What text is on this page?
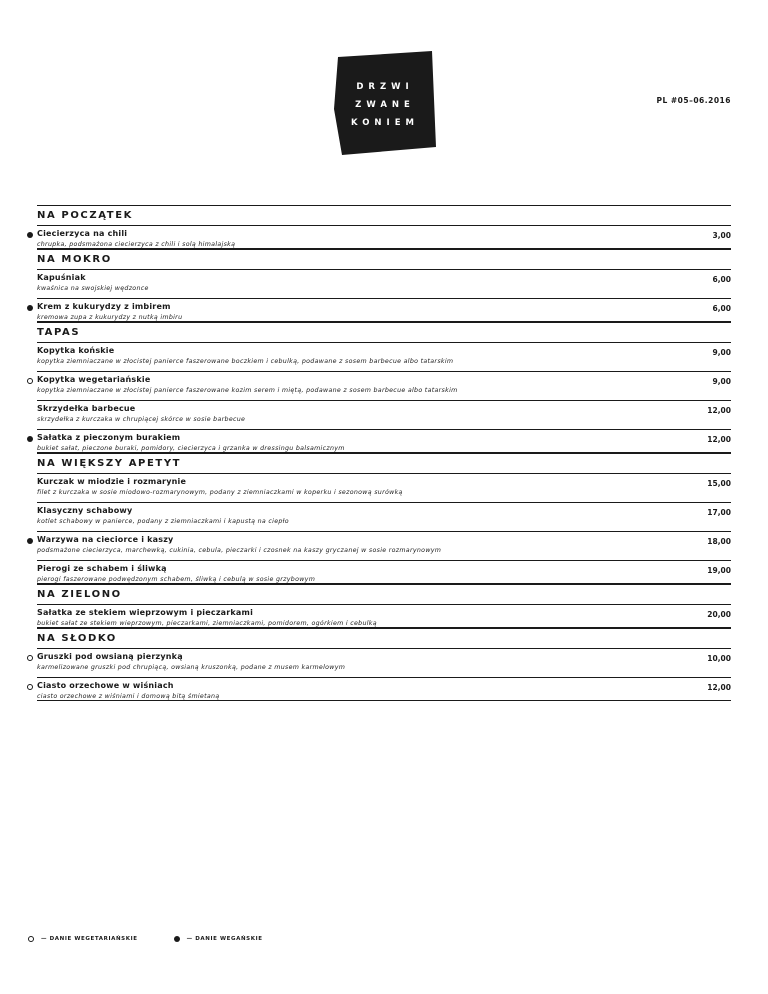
DRZWI
ZWANE
KONIEM
PL #05–06.2016
NA POCZĄTEK
Ciecierzyca na chili
chrupka, podsmażona ciecierzyca z chili i solą himalajską
3,00
NA MOKRO
Kapuśniak
kwaśnica na swojskiej wędzonce
6,00
Krem z kukurydzy z imbirem
kremowa zupa z kukurydzy z nutką imbiru
6,00
TAPAS
Kopytka końskie
kopytka ziemniaczane w złocistej panierce faszerowane boczkiem i cebulką, podawane z sosem barbecue albo tatarskim
9,00
Kopytka wegetariańskie
kopytka ziemniaczane w złocistej panierce faszerowane kozim serem i miętą, podawane z sosem barbecue albo tatarskim
9,00
Skrzydełka barbecue
skrzydełka z kurczaka w chrupiącej skórce w sosie barbecue
12,00
Sałatka z pieczonym burakiem
bukiet sałat, pieczone buraki, pomidory, ciecierzyca i grzanka w dressingu balsamicznym
12,00
NA WIĘKSZY APETYT
Kurczak w miodzie i rozmarynie
filet z kurczaka w sosie miodowo-rozmarynowym, podany z ziemniaczkami w koperku i sezonową surówką
15,00
Klasyczny schabowy
kotlet schabowy w panierce, podany z ziemniaczkami i kapustą na ciepło
17,00
Warzywa na cieciorce i kaszy
podsmażone ciecierzyca, marchewką, cukinia, cebula, pieczarki i czosnek na kaszy gryczanej w sosie rozmarynowym
18,00
Pierogi ze schabem i śliwką
pierogi faszerowane podwędzonym schabem, śliwką i cebulą w sosie grzybowym
19,00
NA ZIELONO
Sałatka ze stekiem wieprzowym i pieczarkami
bukiet sałat ze stekiem wieprzowym, pieczarkami, ziemniaczkami, pomidorem, ogórkiem i cebulką
20,00
NA SŁODKO
Gruszki pod owsianą pierzynką
karmelizowane gruszki pod chrupiącą, owsianą kruszonką, podane z musem karmelowym
10,00
Ciasto orzechowe w wiśniach
ciasto orzechowe z wiśniami i domową bitą śmietaną
12,00
— DANIE WEGETARIAŃSKIE	— DANIE WEGAŃSKIE
